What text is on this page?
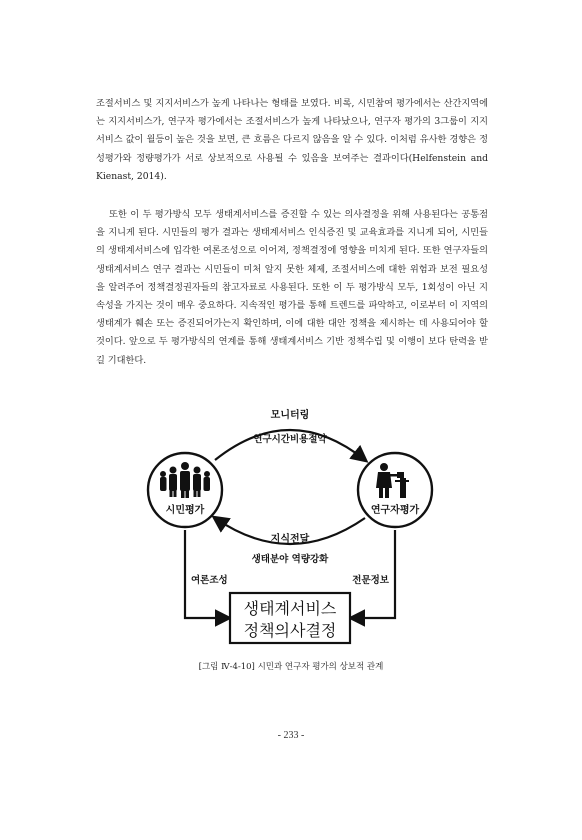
조절서비스 및 지지서비스가 높게 나타나는 형태를 보였다. 비록, 시민참여 평가에서는 산간지역에는 지지서비스가, 연구자 평가에서는 조절서비스가 높게 나타났으나, 연구자 평가의 3그룹이 지지서비스 값이 월등이 높은 것을 보면, 큰 흐름은 다르지 않음을 알 수 있다. 이처럼 유사한 경향은 정성평가와 정량평가가 서로 상보적으로 사용될 수 있음을 보여주는 결과이다(Helfenstein and Kienast, 2014).

또한 이 두 평가방식 모두 생태계서비스를 증진할 수 있는 의사결정을 위해 사용된다는 공통점을 지니게 된다. 시민들의 평가 결과는 생태계서비스 인식증진 및 교육효과를 지니게 되어, 시민들의 생태계서비스에 입각한 여론조성으로 이어져, 정책결정에 영향을 미치게 된다. 또한 연구자들의 생태계서비스 연구 결과는 시민들이 미처 알지 못한 체제, 조절서비스에 대한 위험과 보전 필요성을 알려주어 정책결정권자들의 참고자료로 사용된다. 또한 이 두 평가방식 모두, 1회성이 아닌 지속성을 가지는 것이 매우 중요하다. 지속적인 평가를 통해 트렌드를 파악하고, 이로부터 이 지역의 생태계가 훼손 또는 증진되어가는지 확인하며, 이에 대한 대안 정책을 제시하는 데 사용되어야 할 것이다. 앞으로 두 평가방식의 연계를 통해 생태계서비스 기반 정책수립 및 이행이 보다 탄력을 받길 기대한다.

시민평가	연구자평가
모니터링
연구시간비용절약
지식전달
생태분야 역량강화
여론조성	전문정보
생태계서비스
정책의사결정
[그림 Ⅳ-4-10] 시민과 연구자 평가의 상보적 관계
- 233 -
